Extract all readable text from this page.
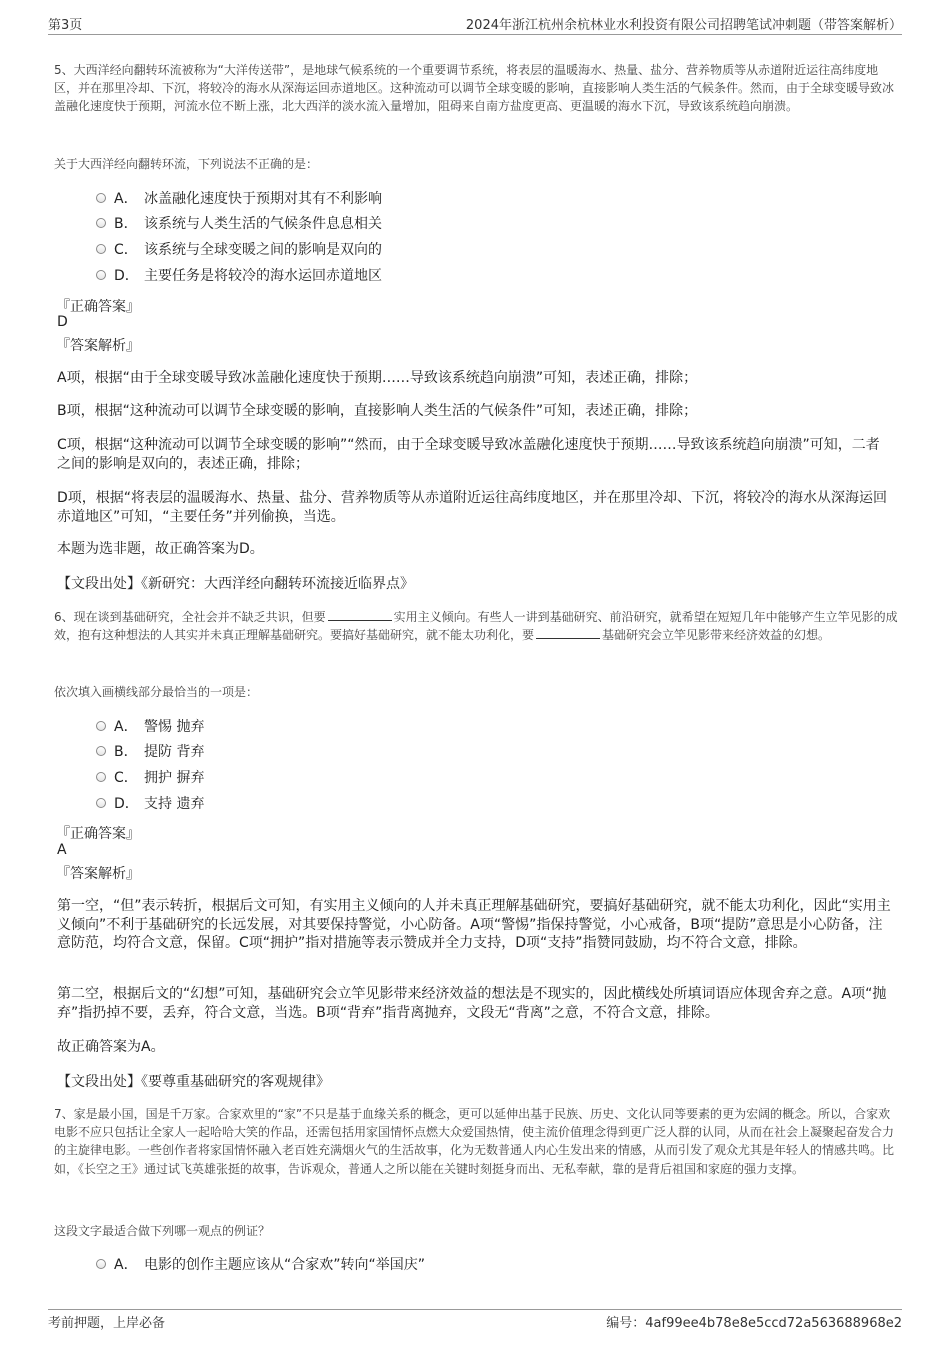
第3页	2024年浙江杭州余杭林业水利投资有限公司招聘笔试冲刺题（带答案解析）
5、大西洋经向翻转环流被称为“大洋传送带”，是地球气候系统的一个重要调节系统，将表层的温暖海水、热量、盐分、营养物质等从赤道附近运往高纬度地区，并在那里冷却、下沉，将较冷的海水从深海运回赤道地区。这种流动可以调节全球变暖的影响，直接影响人类生活的气候条件。然而，由于全球变暖导致冰盖融化速度快于预期，河流水位不断上涨，北大西洋的淡水流入量增加，阻碍来自南方盐度更高、更温暖的海水下沉，导致该系统趋向崩溃。
关于大西洋经向翻转环流，下列说法不正确的是：
A． 冰盖融化速度快于预期对其有不利影响
B． 该系统与人类生活的气候条件息息相关
C． 该系统与全球变暖之间的影响是双向的
D． 主要任务是将较冷的海水运回赤道地区
『正确答案』
D
『答案解析』
A项，根据“由于全球变暖导致冰盖融化速度快于预期……导致该系统趋向崩溃”可知，表述正确，排除；
B项，根据“这种流动可以调节全球变暖的影响，直接影响人类生活的气候条件”可知，表述正确，排除；
C项，根据“这种流动可以调节全球变暖的影响”“然而，由于全球变暖导致冰盖融化速度快于预期……导致该系统趋向崩溃”可知，二者之间的影响是双向的，表述正确，排除；
D项，根据“将表层的温暖海水、热量、盐分、营养物质等从赤道附近运往高纬度地区，并在那里冷却、下沉，将较冷的海水从深海运回赤道地区”可知，“主要任务”并列偷换，当选。
本题为选非题，故正确答案为D。
【文段出处】《新研究：大西洋经向翻转环流接近临界点》
6、现在谈到基础研究，全社会并不缺乏共识，但要	实用主义倾向。有些人一讲到基础研究、前沿研究，就希望在短短几年中能够产生立竿见影的成效，抱有这种想法的人其实并未真正理解基础研究。要搞好基础研究，就不能太功利化，要	基础研究会立竿见影带来经济效益的幻想。
依次填入画横线部分最恰当的一项是：
A． 警惕 抛弃
B． 提防 背弃
C． 拥护 摒弃
D． 支持 遗弃
『正确答案』
A
『答案解析』
第一空，“但”表示转折，根据后文可知，有实用主义倾向的人并未真正理解基础研究，要搞好基础研究，就不能太功利化，因此“实用主义倾向”不利于基础研究的长远发展，对其要保持警觉，小心防备。A项“警惕”指保持警觉，小心戒备，B项“提防”意思是小心防备，注意防范，均符合文意，保留。C项“拥护”指对措施等表示赞成并全力支持，D项“支持”指赞同鼓励，均不符合文意，排除。
第二空，根据后文的“幻想”可知，基础研究会立竿见影带来经济效益的想法是不现实的，因此横线处所填词语应体现舍弃之意。A项“抛弃”指扔掉不要，丢弃，符合文意，当选。B项“背弃”指背离抛弃，文段无“背离”之意，不符合文意，排除。
故正确答案为A。
【文段出处】《要尊重基础研究的客观规律》
7、家是最小国，国是千万家。合家欢里的“家”不只是基于血缘关系的概念，更可以延伸出基于民族、历史、文化认同等要素的更为宏阔的概念。所以，合家欢电影不应只包括让全家人一起哈哈大笑的作品，还需包括用家国情怀点燃大众爱国热情，使主流价值理念得到更广泛人群的认同，从而在社会上凝聚起奋发合力的主旋律电影。一些创作者将家国情怀融入老百姓充满烟火气的生活故事，化为无数普通人内心生发出来的情感，从而引发了观众尤其是年轻人的情感共鸣。比如，《长空之王》通过试飞英雄张挺的故事，告诉观众，普通人之所以能在关键时刻挺身而出、无私奉献，靠的是背后祖国和家庭的强力支撑。
这段文字最适合做下列哪一观点的例证？
A． 电影的创作主题应该从“合家欢”转向“举国庆”
考前押题，上岸必备	编号：4af99ee4b78e8e5ccd72a563688968e2
